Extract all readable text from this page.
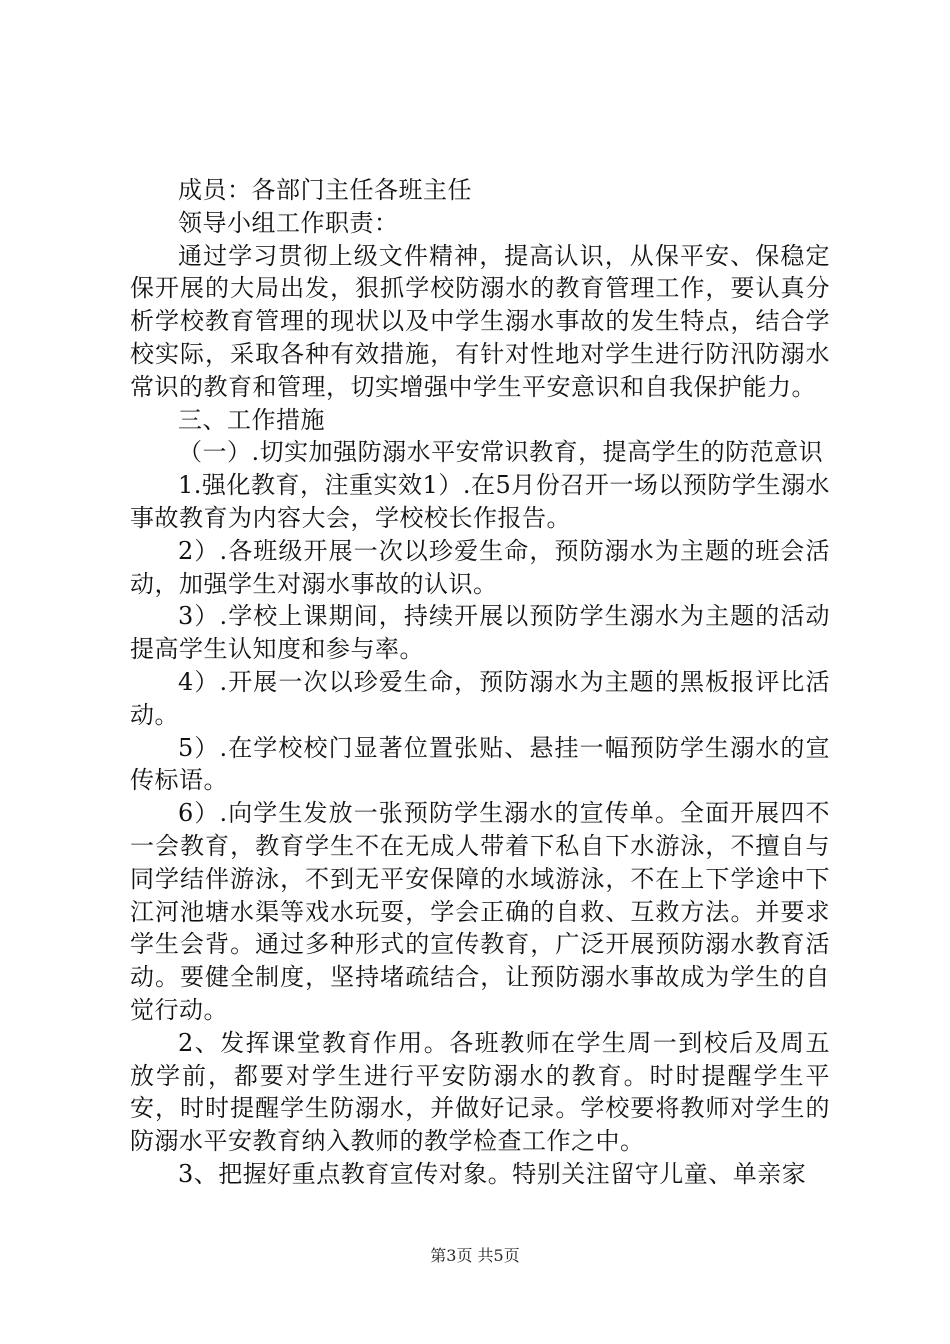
成员：各部门主任各班主任

领导小组工作职责：

通过学习贯彻上级文件精神，提高认识，从保平安、保稳定保开展的大局出发，狠抓学校防溺水的教育管理工作，要认真分析学校教育管理的现状以及中学生溺水事故的发生特点，结合学校实际，采取各种有效措施，有针对性地对学生进行防汛防溺水常识的教育和管理，切实增强中学生平安意识和自我保护能力。

三、工作措施

（一）.切实加强防溺水平安常识教育，提高学生的防范意识

1.强化教育，注重实效1）.在5月份召开一场以预防学生溺水事故教育为内容大会，学校校长作报告。

2）.各班级开展一次以珍爱生命，预防溺水为主题的班会活动，加强学生对溺水事故的认识。

3）.学校上课期间，持续开展以预防学生溺水为主题的活动提高学生认知度和参与率。

4）.开展一次以珍爱生命，预防溺水为主题的黑板报评比活动。

5）.在学校校门显著位置张贴、悬挂一幅预防学生溺水的宣传标语。

6）.向学生发放一张预防学生溺水的宣传单。全面开展四不一会教育，教育学生不在无成人带着下私自下水游泳，不擅自与同学结伴游泳，不到无平安保障的水域游泳，不在上下学途中下江河池塘水渠等戏水玩耍，学会正确的自救、互救方法。并要求学生会背。通过多种形式的宣传教育，广泛开展预防溺水教育活动。要健全制度，坚持堵疏结合，让预防溺水事故成为学生的自觉行动。

2、发挥课堂教育作用。各班教师在学生周一到校后及周五放学前，都要对学生进行平安防溺水的教育。时时提醒学生平安，时时提醒学生防溺水，并做好记录。学校要将教师对学生的防溺水平安教育纳入教师的教学检查工作之中。

3、把握好重点教育宣传对象。特别关注留守儿童、单亲家

第3页 共5页
